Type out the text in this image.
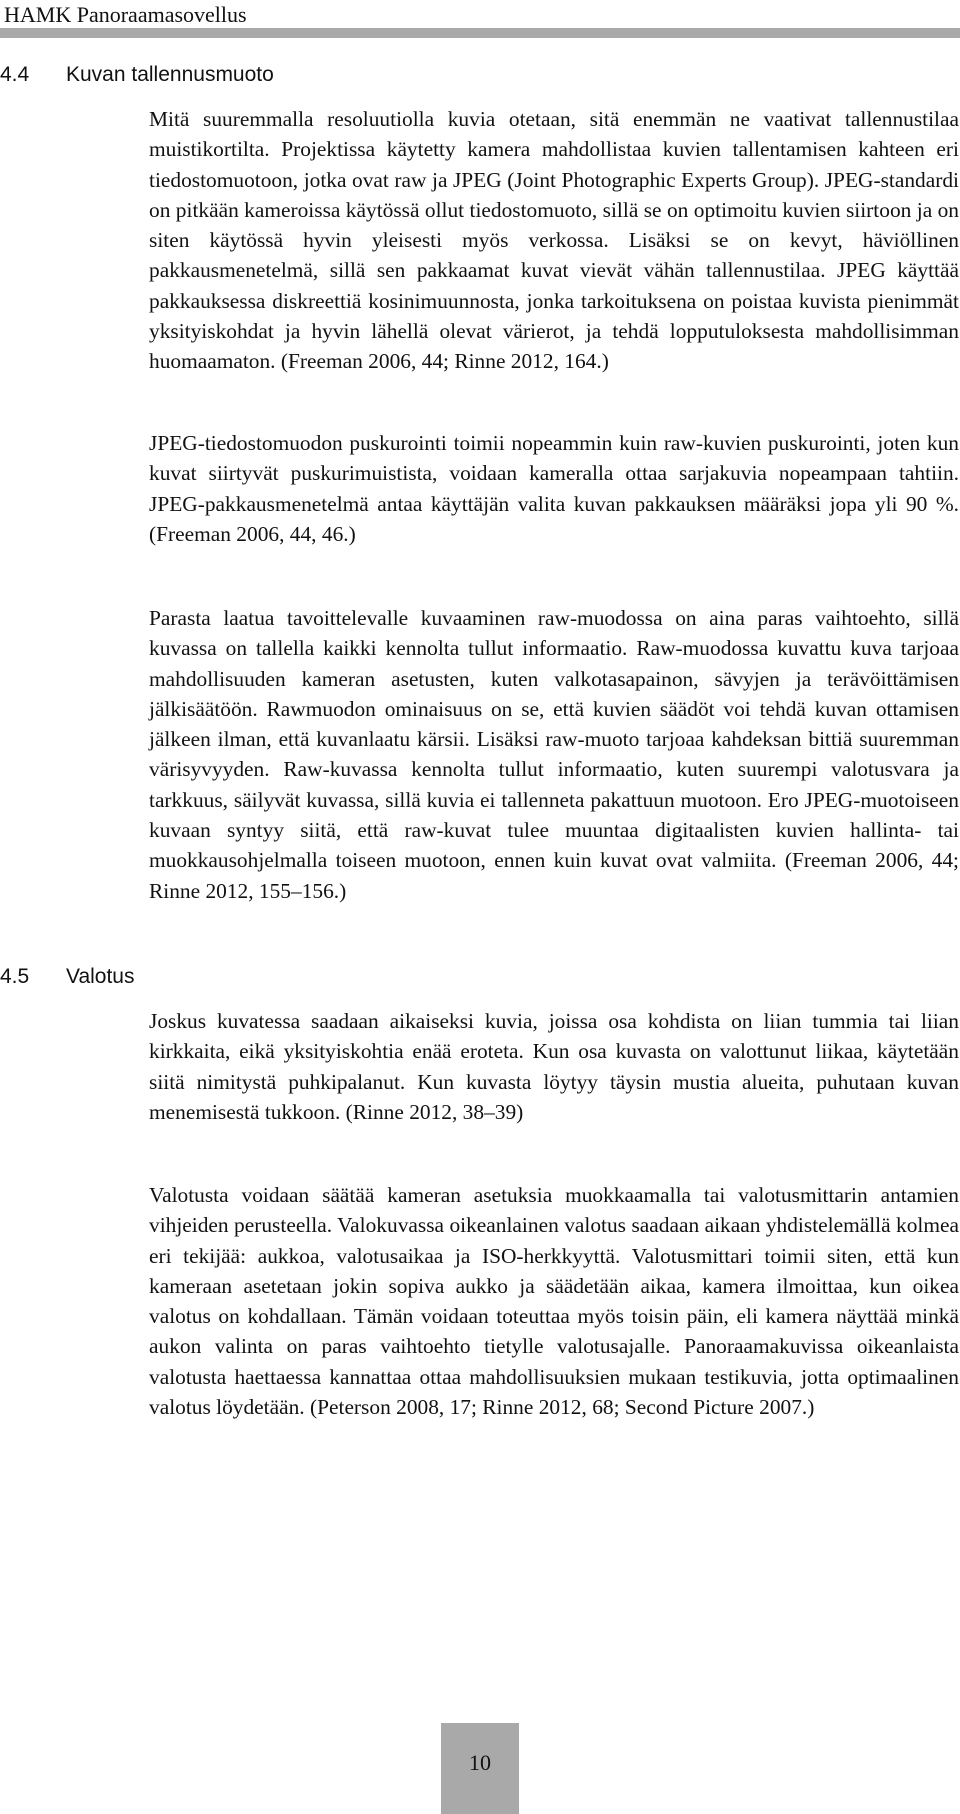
HAMK Panoraamasovellus
4.4 Kuvan tallennusmuoto

Mitä suuremmalla resoluutiolla kuvia otetaan, sitä enemmän ne vaativat tallennustilaa muistikortilta. Projektissa käytetty kamera mahdollistaa kuvien tallentamisen kahteen eri tiedostomuotoon, jotka ovat raw ja JPEG (Joint Photographic Experts Group). JPEG-standardi on pitkään kameroissa käytössä ollut tiedostomuoto, sillä se on optimoitu kuvien siirtoon ja on siten käytössä hyvin yleisesti myös verkossa. Lisäksi se on kevyt, häviöllinen pakkausmenetelmä, sillä sen pakkaamat kuvat vievät vähän tallennustilaa. JPEG käyttää pakkauksessa diskreettiä kosinimuunnosta, jonka tarkoituksena on poistaa kuvista pienimmät yksityiskohdat ja hyvin lähellä olevat värierot, ja tehdä lopputuloksesta mahdollisimman huomaamaton. (Freeman 2006, 44; Rinne 2012, 164.)

JPEG-tiedostomuodon puskurointi toimii nopeammin kuin raw-kuvien puskurointi, joten kun kuvat siirtyvät puskurimuistista, voidaan kameralla ottaa sarjakuvia nopeampaan tahtiin. JPEG-pakkausmenetelmä antaa käyttäjän valita kuvan pakkauksen määräksi jopa yli 90 %. (Freeman 2006, 44, 46.)

Parasta laatua tavoittelevalle kuvaaminen raw-muodossa on aina paras vaihtoehto, sillä kuvassa on tallella kaikki kennolta tullut informaatio. Raw-muodossa kuvattu kuva tarjoaa mahdollisuuden kameran asetusten, kuten valkotasapainon, sävyjen ja terävöittämisen jälkisäätöön. Rawmuodon ominaisuus on se, että kuvien säädöt voi tehdä kuvan ottamisen jälkeen ilman, että kuvanlaatu kärsii. Lisäksi raw-muoto tarjoaa kahdeksan bittiä suuremman värisyvyyden. Raw-kuvassa kennolta tullut informaatio, kuten suurempi valotusvara ja tarkkuus, säilyvät kuvassa, sillä kuvia ei tallenneta pakattuun muotoon. Ero JPEG-muotoiseen kuvaan syntyy siitä, että raw-kuvat tulee muuntaa digitaalisten kuvien hallinta- tai muokkausohjelmalla toiseen muotoon, ennen kuin kuvat ovat valmiita. (Freeman 2006, 44; Rinne 2012, 155–156.)

4.5 Valotus

Joskus kuvatessa saadaan aikaiseksi kuvia, joissa osa kohdista on liian tummia tai liian kirkkaita, eikä yksityiskohtia enää eroteta. Kun osa kuvasta on valottunut liikaa, käytetään siitä nimitystä puhkipalanut. Kun kuvasta löytyy täysin mustia alueita, puhutaan kuvan menemisestä tukkoon. (Rinne 2012, 38–39)

Valotusta voidaan säätää kameran asetuksia muokkaamalla tai valotusmittarin antamien vihjeiden perusteella. Valokuvassa oikeanlainen valotus saadaan aikaan yhdistelemällä kolmea eri tekijää: aukkoa, valotusaikaa ja ISO-herkkyyttä. Valotusmittari toimii siten, että kun kameraan asetetaan jokin sopiva aukko ja säädetään aikaa, kamera ilmoittaa, kun oikea valotus on kohdallaan. Tämän voidaan toteuttaa myös toisin päin, eli kamera näyttää minkä aukon valinta on paras vaihtoehto tietylle valotusajalle. Panoraamakuvissa oikeanlaista valotusta haettaessa kannattaa ottaa mahdollisuuksien mukaan testikuvia, jotta optimaalinen valotus löydetään. (Peterson 2008, 17; Rinne 2012, 68; Second Picture 2007.)

10
